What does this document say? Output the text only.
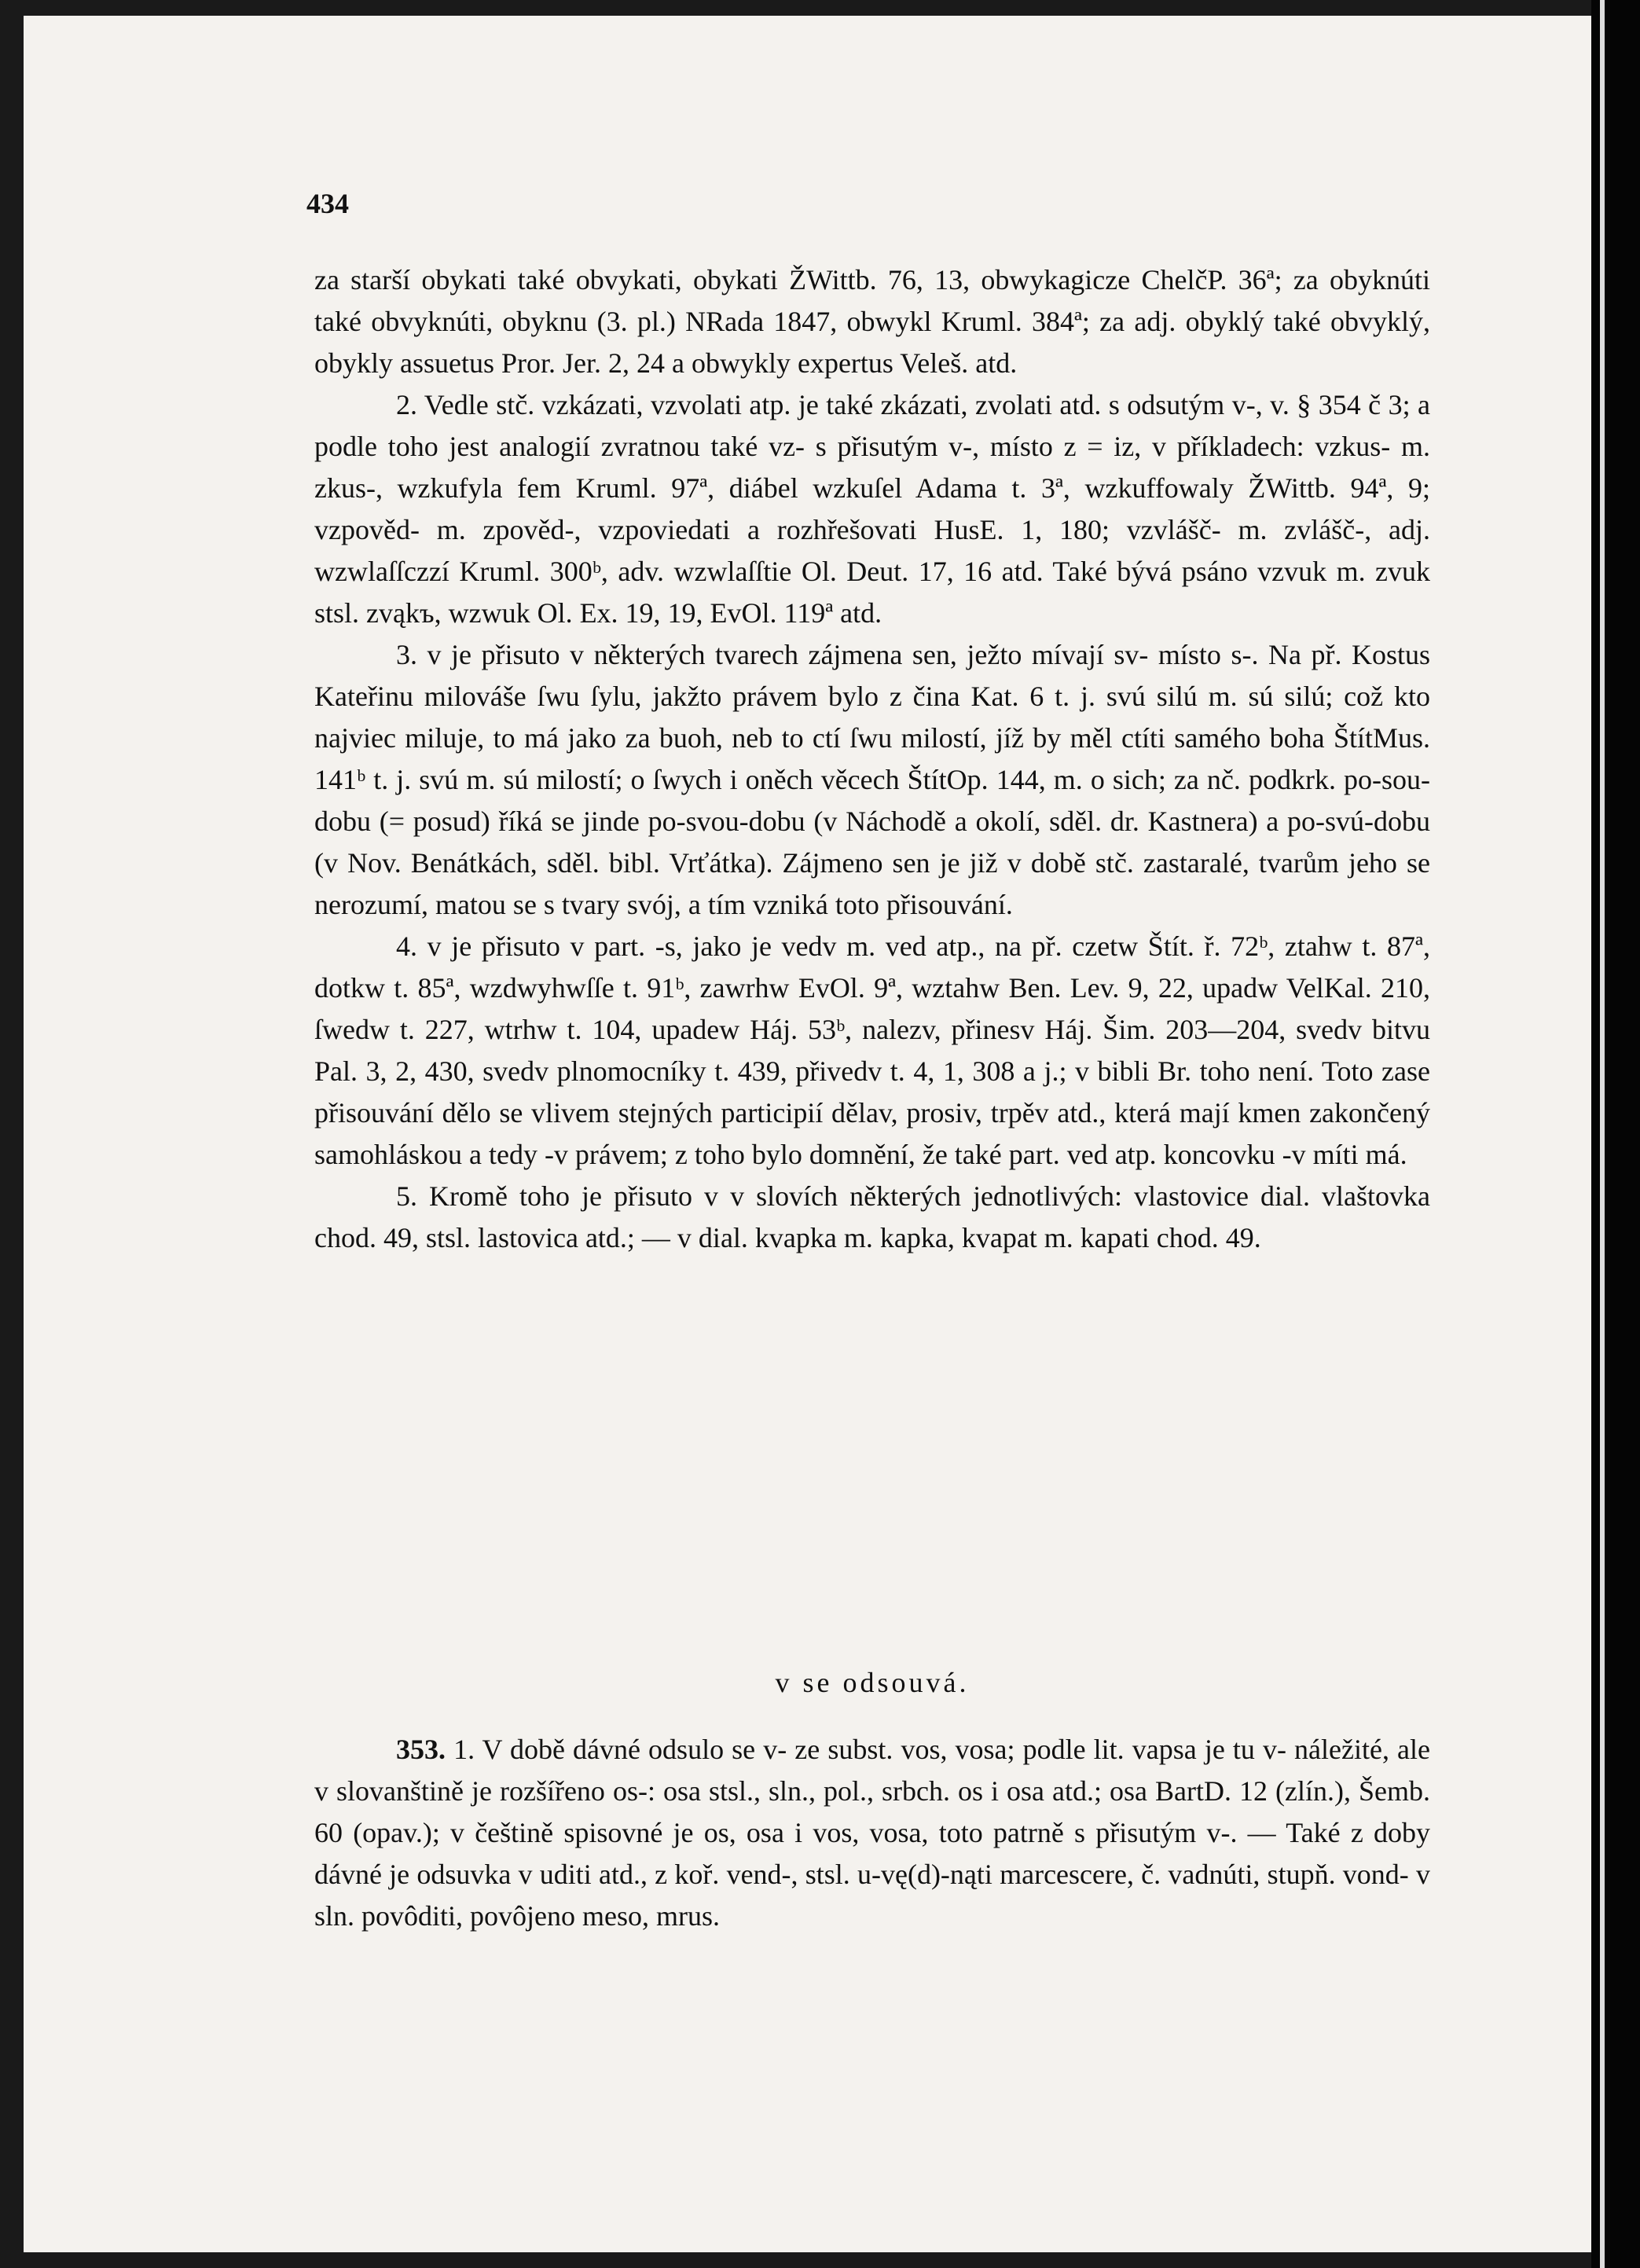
434

za starší obykati také obvykati, obykati ŽWittb. 76, 13, obwykagicze ChelčP. 36ª; za obyknúti také obvyknúti, obyknu (3. pl.) NRada 1847, obwykl Kruml. 384ª; za adj. obyklý také obvyklý, obykly assuetus Pror. Jer. 2, 24 a obwykly expertus Veleš. atd.

2. Vedle stč. vzkázati, vzvolati atp. je také zkázati, zvolati atd. s odsutým v-, v. § 354 č 3; a podle toho jest analogií zvratnou také vz- s přisutým v-, místo z = iz, v příkladech: vzkus- m. zkus-, wzkufyla fem Kruml. 97ª, diábel wzkuſel Adama t. 3ª, wzkuffowaly ŽWittb. 94ª, 9; vzpověd- m. zpověd-, vzpoviedati a rozhřešovati HusE. 1, 180; vzvlášč- m. zvlášč-, adj. wzwlaſſczzí Kruml. 300ᵇ, adv. wzwlaſſtie Ol. Deut. 17, 16 atd. Také bývá psáno vzvuk m. zvuk stsl. zvąkъ, wzwuk Ol. Ex. 19, 19, EvOl. 119ª atd.

3. v je přisuto v některých tvarech zájmena sen, ježto mívají sv- místo s-. Na př. Kostus Kateřinu milováše ſwu ſylu, jakžto právem bylo z čina Kat. 6 t. j. svú silú m. sú silú; což kto najviec miluje, to má jako za buoh, neb to ctí ſwu milostí, jíž by měl ctíti samého boha ŠtítMus. 141ᵇ t. j. svú m. sú milostí; o ſwych i oněch věcech ŠtítOp. 144, m. o sich; za nč. podkrk. po-sou-dobu (= posud) říká se jinde po-svou-dobu (v Náchodě a okolí, sděl. dr. Kastnera) a po-svú-dobu (v Nov. Benátkách, sděl. bibl. Vrťátka). Zájmeno sen je již v době stč. zastaralé, tvarům jeho se nerozumí, matou se s tvary svój, a tím vzniká toto přisouvání.

4. v je přisuto v part. -s, jako je vedv m. ved atp., na př. czetw Štít. ř. 72ᵇ, ztahw t. 87ª, dotkw t. 85ª, wzdwyhwſſe t. 91ᵇ, zawrhw EvOl. 9ª, wztahw Ben. Lev. 9, 22, upadw VelKal. 210, ſwedw t. 227, wtrhw t. 104, upadew Háj. 53ᵇ, nalezv, přinesv Háj. Šim. 203—204, svedv bitvu Pal. 3, 2, 430, svedv plnomocníky t. 439, přivedv t. 4, 1, 308 a j.; v bibli Br. toho není. Toto zase přisouvání dělo se vlivem stejných participií dělav, prosiv, trpěv atd., která mají kmen zakončený samohláskou a tedy -v právem; z toho bylo domnění, že také part. ved atp. koncovku -v míti má.

5. Kromě toho je přisuto v v slovích některých jednotlivých: vlastovice dial. vlaštovka chod. 49, stsl. lastovica atd.; — v dial. kvapka m. kapka, kvapat m. kapati chod. 49.

v se odsouvá.

353. 1. V době dávné odsulo se v- ze subst. vos, vosa; podle lit. vapsa je tu v- náležité, ale v slovanštině je rozšířeno os-: osa stsl., sln., pol., srbch. os i osa atd.; osa BartD. 12 (zlín.), Šemb. 60 (opav.); v češtině spisovné je os, osa i vos, vosa, toto patrně s přisutým v-. — Také z doby dávné je odsuvka v uditi atd., z koř. vend-, stsl. u-vę(d)-nąti marcescere, č. vadnúti, stupň. vond- v sln. povôditi, povôjeno meso, mrus.
